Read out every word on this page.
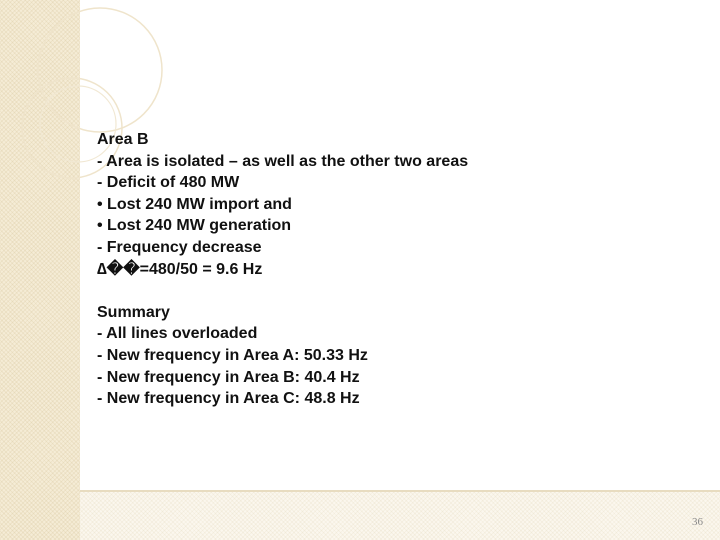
Area B
- Area is isolated – as well as the other two areas
- Deficit of 480 MW
• Lost 240 MW import and
• Lost 240 MW generation
- Frequency decrease
∆��=480/50 = 9.6 Hz
Summary
- All lines overloaded
- New frequency in Area A: 50.33 Hz
- New frequency in Area B: 40.4 Hz
- New frequency in Area C: 48.8 Hz
36
